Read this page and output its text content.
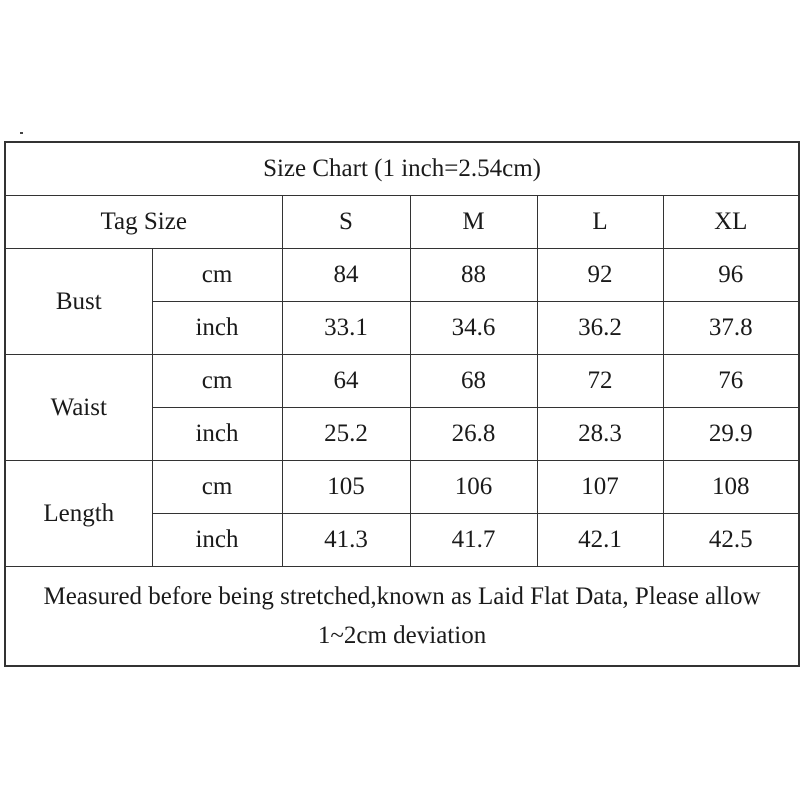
Size Chart (1 inch=2.54cm)					
Tag Size		S	M	L	XL
Bust	cm	84	88	92	96
	inch	33.1	34.6	36.2	37.8
Waist	cm	64	68	72	76
	inch	25.2	26.8	28.3	29.9
Length	cm	105	106	107	108
	inch	41.3	41.7	42.1	42.5
Measured before being stretched,known as Laid Flat Data, Please allow 1~2cm deviation					
